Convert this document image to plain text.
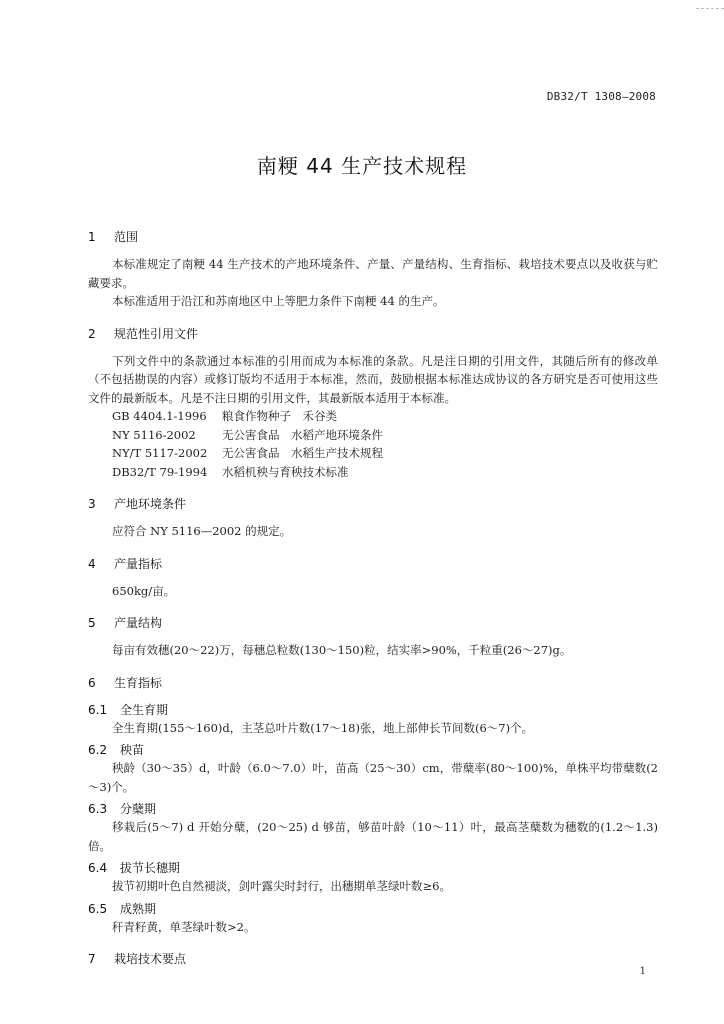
DB32/T 1308—2008
南粳 44 生产技术规程
1 范围

本标准规定了南粳 44 生产技术的产地环境条件、产量、产量结构、生育指标、栽培技术要点以及收获与贮藏要求。

本标准适用于沿江和苏南地区中上等肥力条件下南粳 44 的生产。

2 规范性引用文件

下列文件中的条款通过本标准的引用而成为本标准的条款。凡是注日期的引用文件，其随后所有的修改单（不包括勘误的内容）或修订版均不适用于本标准，然而，鼓励根据本标准达成协议的各方研究是否可使用这些文件的最新版本。凡是不注日期的引用文件，其最新版本适用于本标准。

GB 4404.1-1996 粮食作物种子　禾谷类
NY 5116-2002 无公害食品　水稻产地环境条件
NY/T 5117-2002 无公害食品　水稻生产技术规程
DB32/T 79-1994 水稻机秧与育秧技术标准
3 产地环境条件

应符合 NY 5116—2002 的规定。

4 产量指标

650kg/亩。

5 产量结构

每亩有效穗(20～22)万，每穗总粒数(130～150)粒，结实率>90%，千粒重(26～27)g。

6 生育指标
6.1 全生育期

全生育期(155～160)d，主茎总叶片数(17～18)张，地上部伸长节间数(6～7)个。

6.2 秧苗

秧龄（30～35）d，叶龄（6.0～7.0）叶，苗高（25～30）cm，带蘖率(80～100)%，单株平均带蘖数(2～3)个。

6.3 分蘖期

移栽后(5～7) d 开始分蘖，(20～25) d 够苗，够苗叶龄（10～11）叶，最高茎蘖数为穗数的(1.2～1.3)倍。

6.4 拔节长穗期

拔节初期叶色自然褪淡，剑叶露尖时封行，出穗期单茎绿叶数≥6。

6.5 成熟期

秆青籽黄，单茎绿叶数>2。

7 栽培技术要点
1
